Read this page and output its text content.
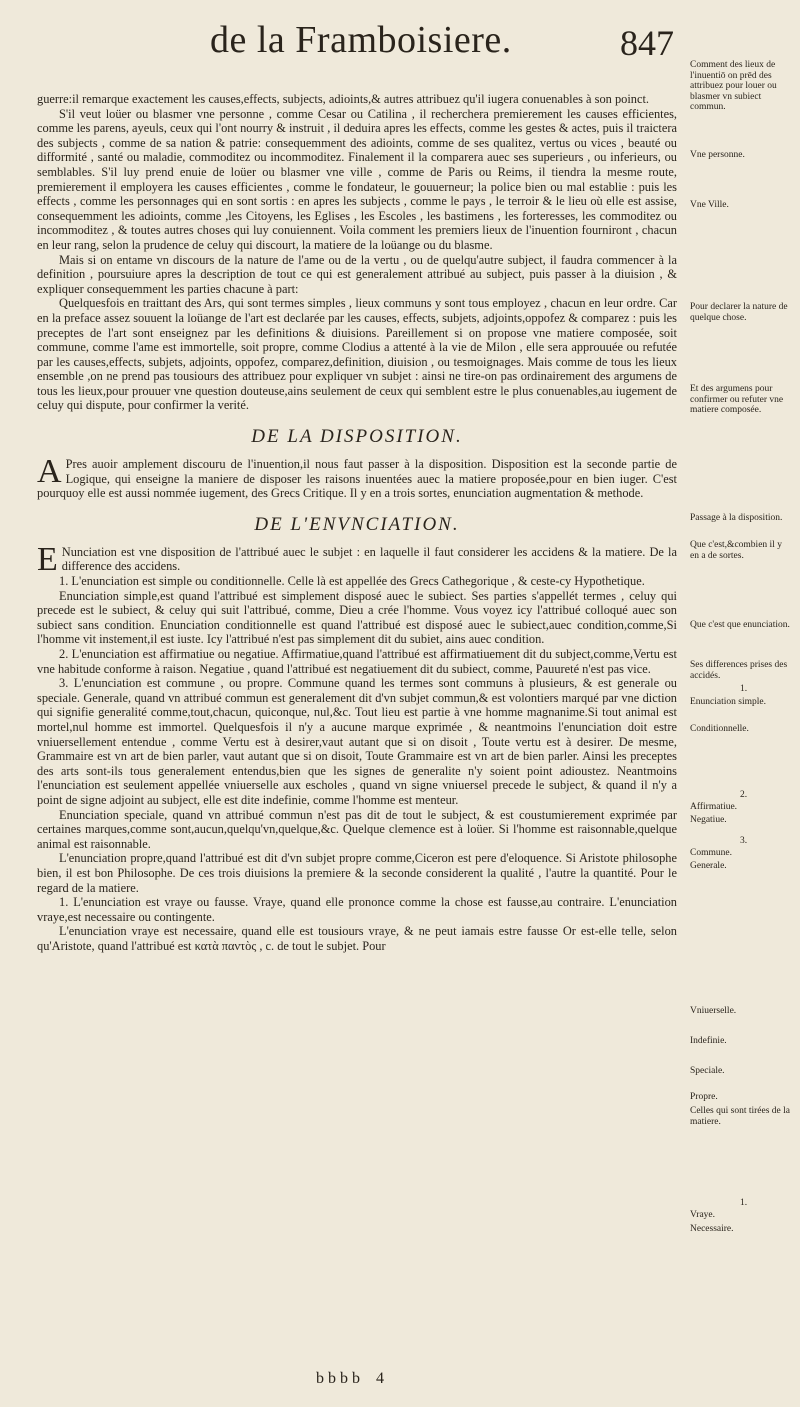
de la Framboisiere.	847

guerre:il remarque exactement les causes,effects, subjects, adioints,& autres attribuez qu'il iugera conuenables à son poinct.

S'il veut loüer ou blasmer vne personne , comme Cesar ou Catilina , il recherchera premierement les causes efficientes, comme les parens, ayeuls, ceux qui l'ont nourry & instruit , il deduira apres les effects, comme les gestes & actes, puis il traictera des subjects , comme de sa nation & patrie: consequemment des adioints, comme de ses qualitez, vertus ou vices , beauté ou difformité , santé ou maladie, commoditez ou incommoditez. Finalement il la comparera auec ses superieurs , ou inferieurs, ou semblables. S'il luy prend enuie de loüer ou blasmer vne ville , comme de Paris ou Reims, il tiendra la mesme route, premierement il employera les causes efficientes , comme le fondateur, le gouuerneur; la police bien ou mal establie : puis les effects , comme les personnages qui en sont sortis : en apres les subjects , comme le pays , le terroir & le lieu où elle est assise, consequemment les adioints, comme ,les Citoyens, les Eglises , les Escoles , les bastimens , les forteresses, les commoditez ou incommoditez , & toutes autres choses qui luy conuiennent. Voila comment les premiers lieux de l'inuention fourniront , chacun en leur rang, selon la prudence de celuy qui discourt, la matiere de la loüange ou du blasme.

Mais si on entame vn discours de la nature de l'ame ou de la vertu , ou de quelqu'autre subject, il faudra commencer à la definition , poursuiure apres la description de tout ce qui est generalement attribué au subject, puis passer à la diuision , & expliquer consequemment les parties chacune à part:

Quelquesfois en traittant des Ars, qui sont termes simples , lieux communs y sont tous employez , chacun en leur ordre. Car en la preface assez souuent la loüange de l'art est declarée par les causes, effects, subjets, adjoints,oppofez & comparez : puis les preceptes de l'art sont enseignez par les definitions & diuisions. Pareillement si on propose vne matiere composée, soit commune, comme l'ame est immortelle, soit propre, comme Clodius a attenté à la vie de Milon , elle sera approuuée ou refutée par les causes,effects, subjets, adjoints, oppofez, comparez,definition, diuision , ou tesmoignages. Mais comme de tous les lieux ensemble ,on ne prend pas tousiours des attribuez pour expliquer vn subjet : ainsi ne tire-on pas ordinairement des argumens de tous les lieux,pour prouuer vne question douteuse,ains seulement de ceux qui semblent estre le plus conuenables,au iugement de celuy qui dispute, pour confirmer la verité.

DE LA DISPOSITION.

APres auoir amplement discouru de l'inuention,il nous faut passer à la disposition. Disposition est la seconde partie de Logique, qui enseigne la maniere de disposer les raisons inuentées auec la matiere proposée,pour en bien iuger. C'est pourquoy elle est aussi nommée iugement, des Grecs Critique. Il y en a trois sortes, enunciation augmentation & methode.

DE L'ENVNCIATION.

ENunciation est vne disposition de l'attribué auec le subjet : en laquelle il faut considerer les accidens & la matiere. De la difference des accidens.

1. L'enunciation est simple ou conditionnelle. Celle là est appellée des Grecs Cathegorique , & ceste-cy Hypothetique.

Enunciation simple,est quand l'attribué est simplement disposé auec le subiect. Ses parties s'appellét termes , celuy qui precede est le subiect, & celuy qui suit l'attribué, comme, Dieu a crée l'homme. Vous voyez icy l'attribué colloqué auec son subiect sans condition. Enunciation conditionnelle est quand l'attribué est disposé auec le subiect,auec condition,comme,Si l'homme vit instement,il est iuste. Icy l'attribué n'est pas simplement dit du subiet, ains auec condition.

2. L'enunciation est affirmatiue ou negatiue. Affirmatiue,quand l'attribué est affirmatiuement dit du subject,comme,Vertu est vne habitude conforme à raison. Negatiue , quand l'attribué est negatiuement dit du subiect, comme, Pauureté n'est pas vice.

3. L'enunciation est commune , ou propre. Commune quand les termes sont communs à plusieurs, & est generale ou speciale. Generale, quand vn attribué commun est generalement dit d'vn subjet commun,& est volontiers marqué par vne diction qui signifie generalité comme,tout,chacun, quiconque, nul,&c. Tout lieu est partie à vne homme magnanime.Si tout animal est mortel,nul homme est immortel. Quelquesfois il n'y a aucune marque exprimée , & neantmoins l'enunciation doit estre vniuersellement entendue , comme Vertu est à desirer,vaut autant que si on disoit , Toute vertu est à desirer. De mesme, Grammaire est vn art de bien parler, vaut autant que si on disoit, Toute Grammaire est vn art de bien parler. Ainsi les preceptes des arts sont-ils tous generalement entendus,bien que les signes de generalite n'y soient point adioustez. Neantmoins l'enunciation est seulement appellée vniuerselle aux escholes , quand vn signe vniuersel precede le subject, & quand il n'y a point de signe adjoint au subject, elle est dite indefinie, comme l'homme est menteur.

Enunciation speciale, quand vn attribué commun n'est pas dit de tout le subject, & est coustumierement exprimée par certaines marques,comme sont,aucun,quelqu'vn,quelque,&c. Quelque clemence est à loüer. Si l'homme est raisonnable,quelque animal est raisonnable.

L'enunciation propre,quand l'attribué est dit d'vn subjet propre comme,Ciceron est pere d'eloquence. Si Aristote philosophe bien, il est bon Philosophe. De ces trois diuisions la premiere & la seconde considerent la qualité , l'autre la quantité. Pour le regard de la matiere.

1. L'enunciation est vraye ou fausse. Vraye, quand elle prononce comme la chose est fausse,au contraire. L'enunciation vraye,est necessaire ou contingente.

L'enunciation vraye est necessaire, quand elle est tousiours vraye, & ne peut iamais estre fausse Or est-elle telle, selon qu'Aristote, quand l'attribué est κατὰ παντὸς , c. de tout le subjet. Pour

Comment des lieux de l'inuentiō on prēd des attribuez pour louer ou blasmer vn subiect commun.
Vne personne.
Vne Ville.
Pour declarer la nature de quelque chose.
Et des argumens pour confirmer ou refuter vne matiere composée.
Passage à la disposition.
Que c'est,&combien il y en a de sortes.
Que c'est que enunciation.
Ses differences prises des accidés.
1.
Enunciation simple.
Conditionnelle.
2.
Affirmatiue.
Negatiue.
3.
Commune.
Generale.
Vniuerselle.
Indefinie.
Speciale.
Propre.
Celles qui sont tirées de la matiere.
1.
Vraye.
Necessaire.
bbbb 4
